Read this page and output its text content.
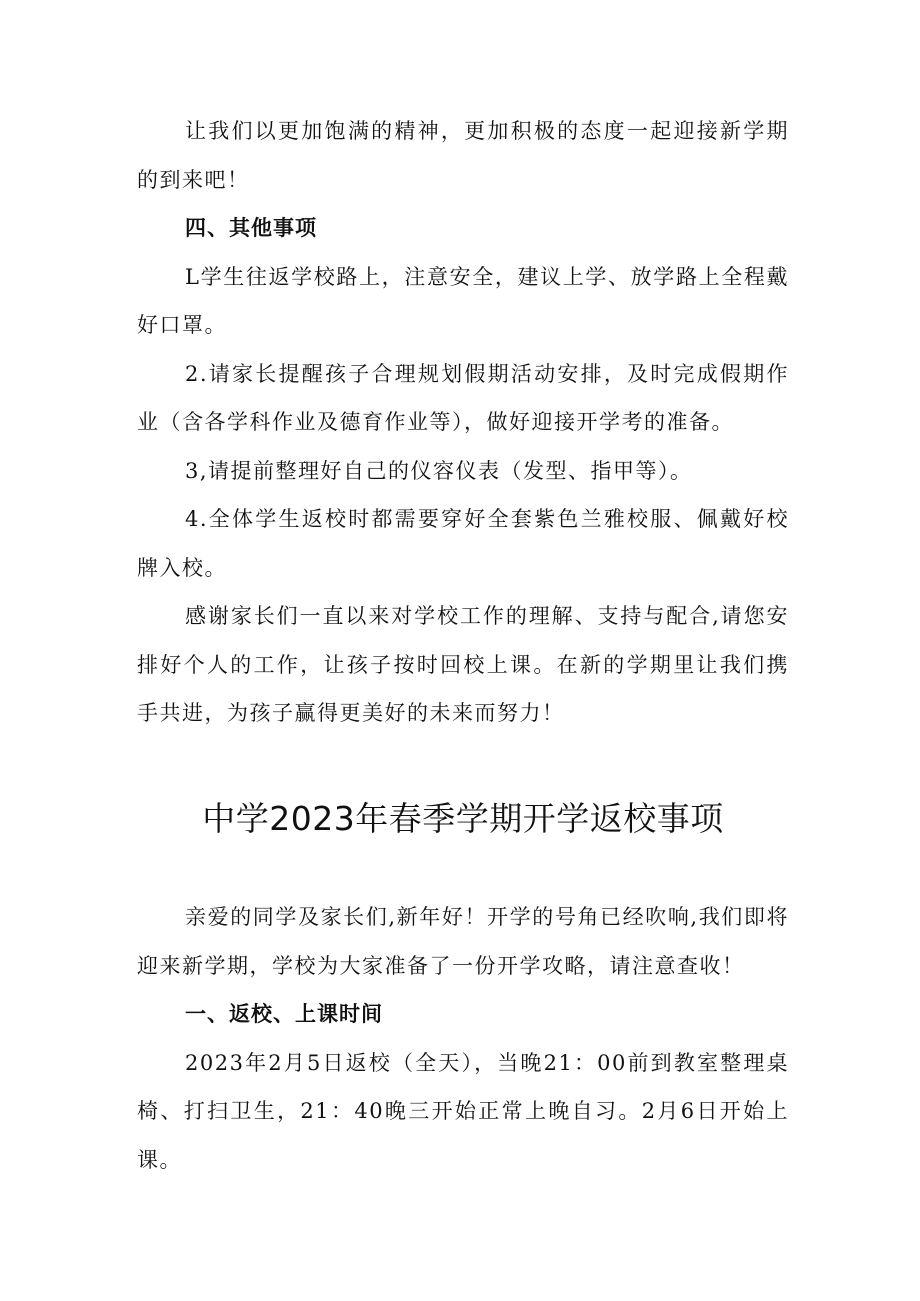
让我们以更加饱满的精神，更加积极的态度一起迎接新学期的到来吧！

四、其他事项

L学生往返学校路上，注意安全，建议上学、放学路上全程戴好口罩。

2.请家长提醒孩子合理规划假期活动安排，及时完成假期作业（含各学科作业及德育作业等），做好迎接开学考的准备。

3,请提前整理好自己的仪容仪表（发型、指甲等）。

4.全体学生返校时都需要穿好全套紫色兰雅校服、佩戴好校牌入校。

感谢家长们一直以来对学校工作的理解、支持与配合,请您安排好个人的工作，让孩子按时回校上课。在新的学期里让我们携手共进，为孩子赢得更美好的未来而努力！

中学2023年春季学期开学返校事项

亲爱的同学及家长们,新年好！开学的号角已经吹响,我们即将迎来新学期，学校为大家准备了一份开学攻略，请注意查收！

一、返校、上课时间

2023年2月5日返校（全天），当晚21：00前到教室整理桌椅、打扫卫生，21：40晚三开始正常上晚自习。2月6日开始上课。
